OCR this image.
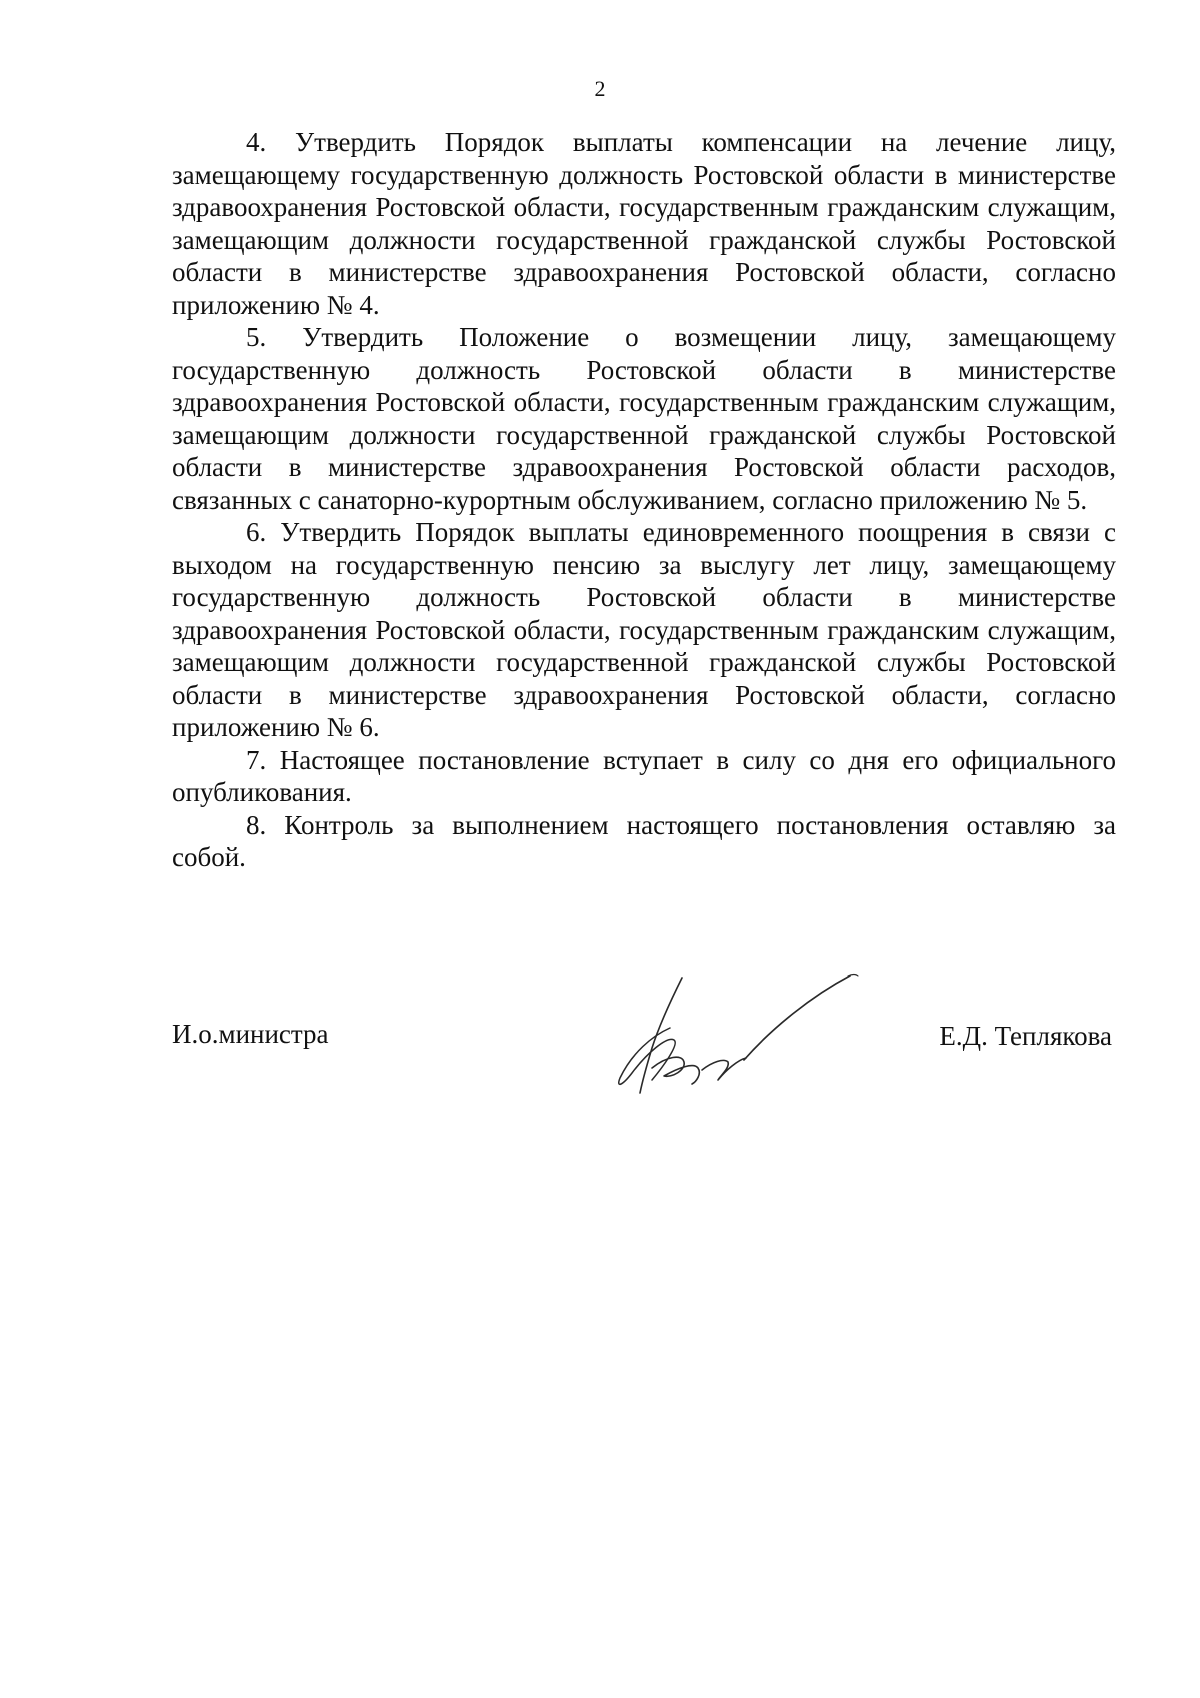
2

4. Утвердить Порядок выплаты компенсации на лечение лицу, замещающему государственную должность Ростовской области в министерстве здравоохранения Ростовской области, государственным гражданским служащим, замещающим должности государственной гражданской службы Ростовской области в министерстве здравоохранения Ростовской области, согласно приложению № 4.

5. Утвердить Положение о возмещении лицу, замещающему государственную должность Ростовской области в министерстве здравоохранения Ростовской области, государственным гражданским служащим, замещающим должности государственной гражданской службы Ростовской области в министерстве здравоохранения Ростовской области расходов, связанных с санаторно-курортным обслуживанием, согласно приложению № 5.

6. Утвердить Порядок выплаты единовременного поощрения в связи с выходом на государственную пенсию за выслугу лет лицу, замещающему государственную должность Ростовской области в министерстве здравоохранения Ростовской области, государственным гражданским служащим, замещающим должности государственной гражданской службы Ростовской области в министерстве здравоохранения Ростовской области, согласно приложению № 6.

7. Настоящее постановление вступает в силу со дня его официального опубликования.

8. Контроль за выполнением настоящего постановления оставляю за собой.

И.о.министра	Е.Д. Теплякова
